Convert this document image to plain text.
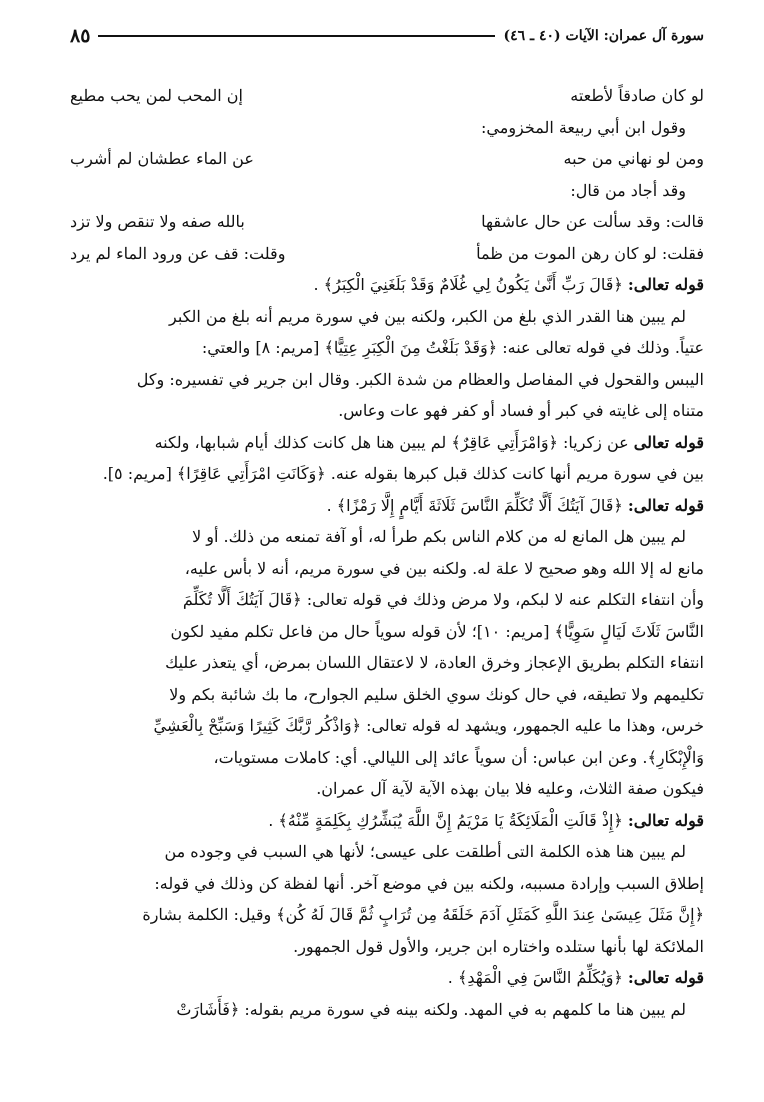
سورة آل عمران: الآيات (٤٠ ـ ٤٦)
٨٥
لو كان صادقاً لأطعته
إن المحب لمن يحب مطيع
وقول ابن أبي ربيعة المخزومي:
ومن لو نهاني من حبه
عن الماء عطشان لم أشرب
وقد أجاد من قال:
قالت: وقد سألت عن حال عاشقها
بالله صفه ولا تنقص ولا تزد
فقلت: لو كان رهن الموت من ظمأ
وقلت: قف عن ورود الماء لم يرد
قوله تعالى: ﴿قَالَ رَبِّ أَنَّىٰ يَكُونُ لِي غُلَامٌ وَقَدْ بَلَغَنِيَ الْكِبَرُ﴾ .
لم يبين هنا القدر الذي بلغ من الكبر، ولكنه بين في سورة مريم أنه بلغ من الكبر
عتياً. وذلك في قوله تعالى عنه: ﴿وَقَدْ بَلَغْتُ مِنَ الْكِبَرِ عِتِيًّا﴾ [مريم: ٨] والعتي:
اليبس والقحول في المفاصل والعظام من شدة الكبر. وقال ابن جرير في تفسيره: وكل
متناه إلى غايته في كبر أو فساد أو كفر فهو عات وعاس.
قوله تعالى عن زكريا: ﴿وَامْرَأَتِي عَاقِرٌ﴾ لم يبين هنا هل كانت كذلك أيام شبابها، ولكنه
بين في سورة مريم أنها كانت كذلك قبل كبرها بقوله عنه. ﴿وَكَانَتِ امْرَأَتِي عَاقِرًا﴾ [مريم: ٥].
قوله تعالى: ﴿قَالَ آيَتُكَ أَلَّا تُكَلِّمَ النَّاسَ ثَلَاثَةَ أَيَّامٍ إِلَّا رَمْزًا﴾ .
لم يبين هل المانع له من كلام الناس بكم طرأ له، أو آفة تمنعه من ذلك. أو لا
مانع له إلا الله وهو صحيح لا علة له. ولكنه بين في سورة مريم، أنه لا بأس عليه،
وأن انتفاء التكلم عنه لا لبكم، ولا مرض وذلك في قوله تعالى: ﴿قَالَ آيَتُكَ أَلَّا تُكَلِّمَ
النَّاسَ ثَلَاثَ لَيَالٍ سَوِيًّا﴾ [مريم: ١٠]؛ لأن قوله سوياً حال من فاعل تكلم مفيد لكون
انتفاء التكلم بطريق الإعجاز وخرق العادة، لا لاعتقال اللسان بمرض، أي يتعذر عليك
تكليمهم ولا تطيقه، في حال كونك سوي الخلق سليم الجوارح، ما بك شائبة بكم ولا
خرس، وهذا ما عليه الجمهور، ويشهد له قوله تعالى: ﴿وَاذْكُر رَّبَّكَ كَثِيرًا وَسَبِّحْ بِالْعَشِيِّ
وَالْإِبْكَارِ﴾. وعن ابن عباس: أن سوياً عائد إلى الليالي. أي: كاملات مستويات،
فيكون صفة الثلاث، وعليه فلا بيان بهذه الآية لآية آل عمران.
قوله تعالى: ﴿إِذْ قَالَتِ الْمَلَائِكَةُ يَا مَرْيَمُ إِنَّ اللَّهَ يُبَشِّرُكِ بِكَلِمَةٍ مِّنْهُ﴾ .
لم يبين هنا هذه الكلمة التى أطلقت على عيسى؛ لأنها هي السبب في وجوده من
إطلاق السبب وإرادة مسببه، ولكنه بين في موضع آخر. أنها لفظة كن وذلك في قوله:
﴿إِنَّ مَثَلَ عِيسَىٰ عِندَ اللَّهِ كَمَثَلِ آدَمَ خَلَقَهُ مِن تُرَابٍ ثُمَّ قَالَ لَهُ كُن﴾ وقيل: الكلمة بشارة
الملائكة لها بأنها ستلده واختاره ابن جرير، والأول قول الجمهور.
قوله تعالى: ﴿وَيُكَلِّمُ النَّاسَ فِي الْمَهْدِ﴾ .
لم يبين هنا ما كلمهم به في المهد. ولكنه بينه في سورة مريم بقوله: ﴿فَأَشَارَتْ
